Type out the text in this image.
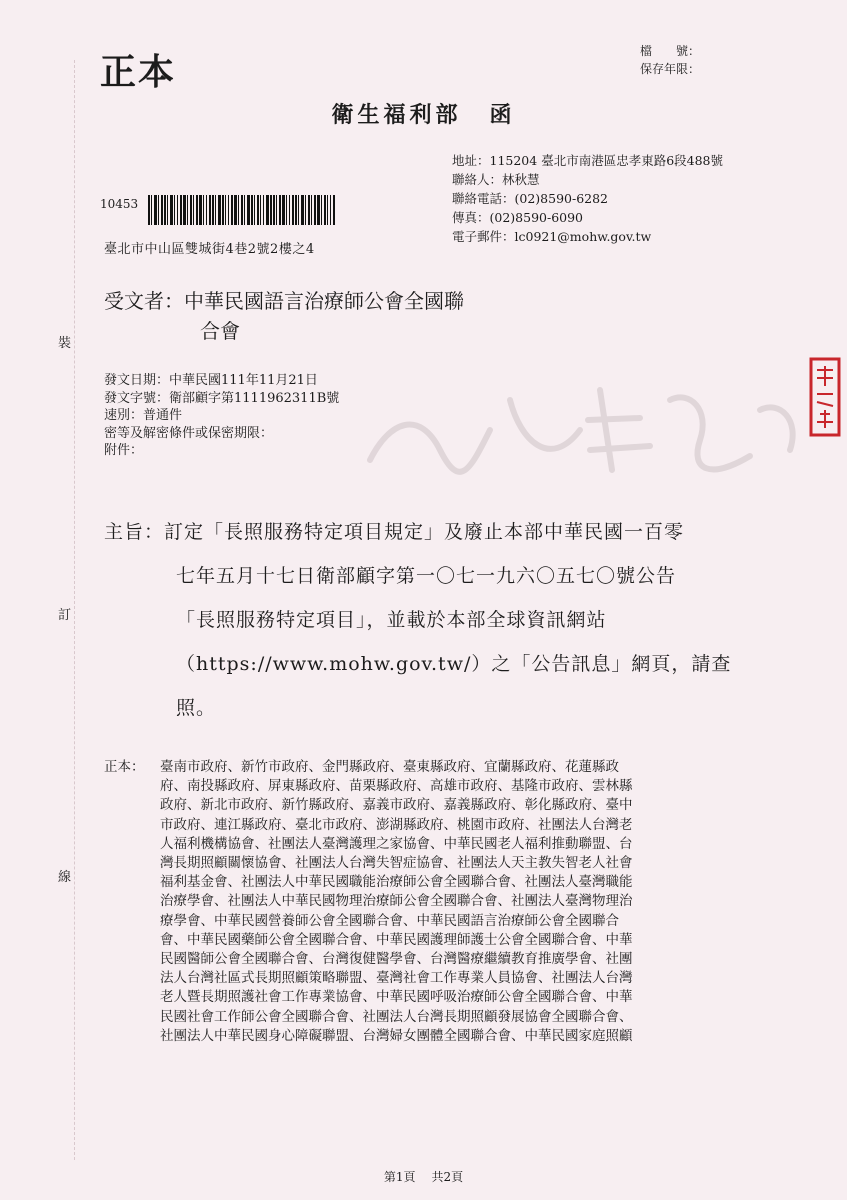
裝
訂
線
正本	檔　　號：
保存年限：
衛生福利部 函
地址：115204 臺北市南港區忠孝東路6段488號
聯絡人：林秋慧
聯絡電話：(02)8590-6282
傳真：(02)8590-6090
電子郵件：lc0921@mohw.gov.tw
10453
臺北市中山區雙城街4巷2號2樓之4
受文者：中華民國語言治療師公會全國聯
合會
發文日期：中華民國111年11月21日
發文字號：衛部顧字第1111962311B號
速別：普通件
密等及解密條件或保密期限：
附件：
主旨：訂定「長照服務特定項目規定」及廢止本部中華民國一百零
七年五月十七日衛部顧字第一〇七一九六〇五七〇號公告
「長照服務特定項目」，並載於本部全球資訊網站
（https://www.mohw.gov.tw/）之「公告訊息」網頁，請查
照。
正本： 臺南市政府、新竹市政府、金門縣政府、臺東縣政府、宜蘭縣政府、花蓮縣政
府、南投縣政府、屏東縣政府、苗栗縣政府、高雄市政府、基隆市政府、雲林縣
政府、新北市政府、新竹縣政府、嘉義市政府、嘉義縣政府、彰化縣政府、臺中
市政府、連江縣政府、臺北市政府、澎湖縣政府、桃園市政府、社團法人台灣老
人福利機構協會、社團法人臺灣護理之家協會、中華民國老人福利推動聯盟、台
灣長期照顧關懷協會、社團法人台灣失智症協會、社團法人天主教失智老人社會
福利基金會、社團法人中華民國職能治療師公會全國聯合會、社團法人臺灣職能
治療學會、社團法人中華民國物理治療師公會全國聯合會、社團法人臺灣物理治
療學會、中華民國營養師公會全國聯合會、中華民國語言治療師公會全國聯合
會、中華民國藥師公會全國聯合會、中華民國護理師護士公會全國聯合會、中華
民國醫師公會全國聯合會、台灣復健醫學會、台灣醫療繼續教育推廣學會、社團
法人台灣社區式長期照顧策略聯盟、臺灣社會工作專業人員協會、社團法人台灣
老人暨長期照護社會工作專業協會、中華民國呼吸治療師公會全國聯合會、中華
民國社會工作師公會全國聯合會、社團法人台灣長期照顧發展協會全國聯合會、
社團法人中華民國身心障礙聯盟、台灣婦女團體全國聯合會、中華民國家庭照顧
第1頁 共2頁
